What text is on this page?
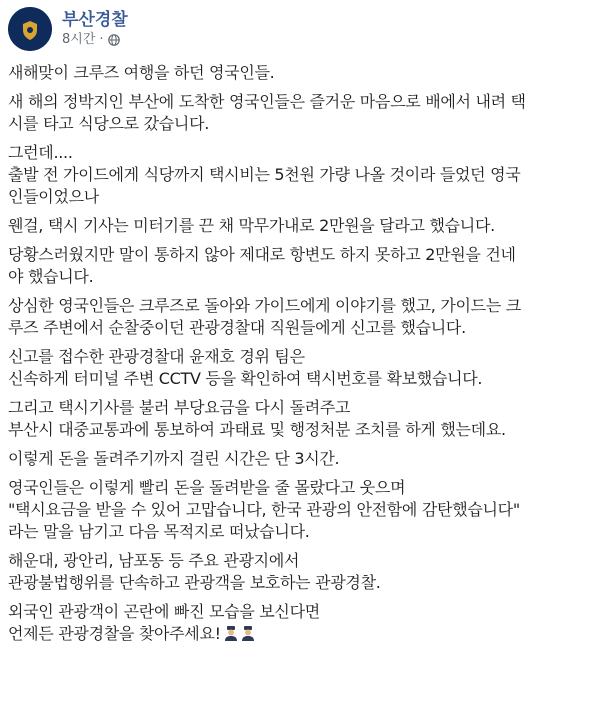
부산경찰
8시간 ·

새해맞이 크루즈 여행을 하던 영국인들.

새 해의 정박지인 부산에 도착한 영국인들은 즐거운 마음으로 배에서 내려 택
시를 타고 식당으로 갔습니다.

그런데....
출발 전 가이드에게 식당까지 택시비는 5천원 가량 나올 것이라 들었던 영국
인들이었으나

웬걸, 택시 기사는 미터기를 끈 채 막무가내로 2만원을 달라고 했습니다.

당황스러웠지만 말이 통하지 않아 제대로 항변도 하지 못하고 2만원을 건네
야 했습니다.

상심한 영국인들은 크루즈로 돌아와 가이드에게 이야기를 했고, 가이드는 크
루즈 주변에서 순찰중이던 관광경찰대 직원들에게 신고를 했습니다.

신고를 접수한 관광경찰대 윤재호 경위 팀은
신속하게 터미널 주변 CCTV 등을 확인하여 택시번호를 확보했습니다.

그리고 택시기사를 불러 부당요금을 다시 돌려주고
부산시 대중교통과에 통보하여 과태료 및 행정처분 조치를 하게 했는데요.

이렇게 돈을 돌려주기까지 걸린 시간은 단 3시간.

영국인들은 이렇게 빨리 돈을 돌려받을 줄 몰랐다고 웃으며
"택시요금을 받을 수 있어 고맙습니다, 한국 관광의 안전함에 감탄했습니다"
라는 말을 남기고 다음 목적지로 떠났습니다.

해운대, 광안리, 남포동 등 주요 관광지에서
관광불법행위를 단속하고 관광객을 보호하는 관광경찰.

외국인 관광객이 곤란에 빠진 모습을 보신다면
언제든 관광경찰을 찾아주세요!
